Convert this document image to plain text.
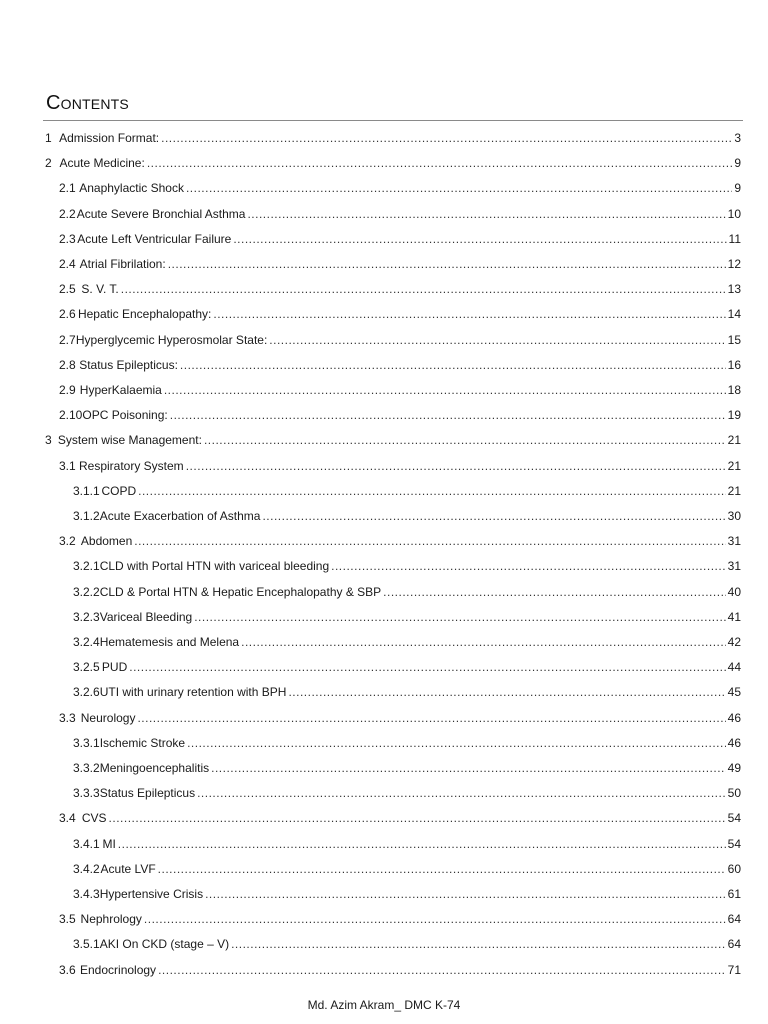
Contents
1 Admission Format: .....	3
2 Acute Medicine: .....	9
2.1 Anaphylactic Shock .....	9
2.2 Acute Severe Bronchial Asthma .....	10
2.3 Acute Left Ventricular Failure .....	11
2.4 Atrial Fibrilation: .....	12
2.5 S. V. T. .....	13
2.6 Hepatic Encephalopathy: .....	14
2.7 Hyperglycemic Hyperosmolar State: .....	15
2.8 Status Epilepticus: .....	16
2.9 HyperKalaemia .....	18
2.10 OPC Poisoning: .....	19
3 System wise Management: .....	21
3.1 Respiratory System .....	21
3.1.1 COPD .....	21
3.1.2 Acute Exacerbation of Asthma .....	30
3.2 Abdomen .....	31
3.2.1 CLD with Portal HTN with variceal bleeding .....	31
3.2.2 CLD & Portal HTN & Hepatic Encephalopathy & SBP .....	40
3.2.3 Variceal Bleeding .....	41
3.2.4 Hematemesis and Melena .....	42
3.2.5 PUD .....	44
3.2.6 UTI with urinary retention with BPH .....	45
3.3 Neurology .....	46
3.3.1 Ischemic Stroke .....	46
3.3.2 Meningoencephalitis .....	49
3.3.3 Status Epilepticus .....	50
3.4 CVS .....	54
3.4.1 MI .....	54
3.4.2 Acute LVF .....	60
3.4.3 Hypertensive Crisis .....	61
3.5 Nephrology .....	64
3.5.1 AKI On CKD (stage – V) .....	64
3.6 Endocrinology .....	71
Md. Azim Akram_ DMC K-74
